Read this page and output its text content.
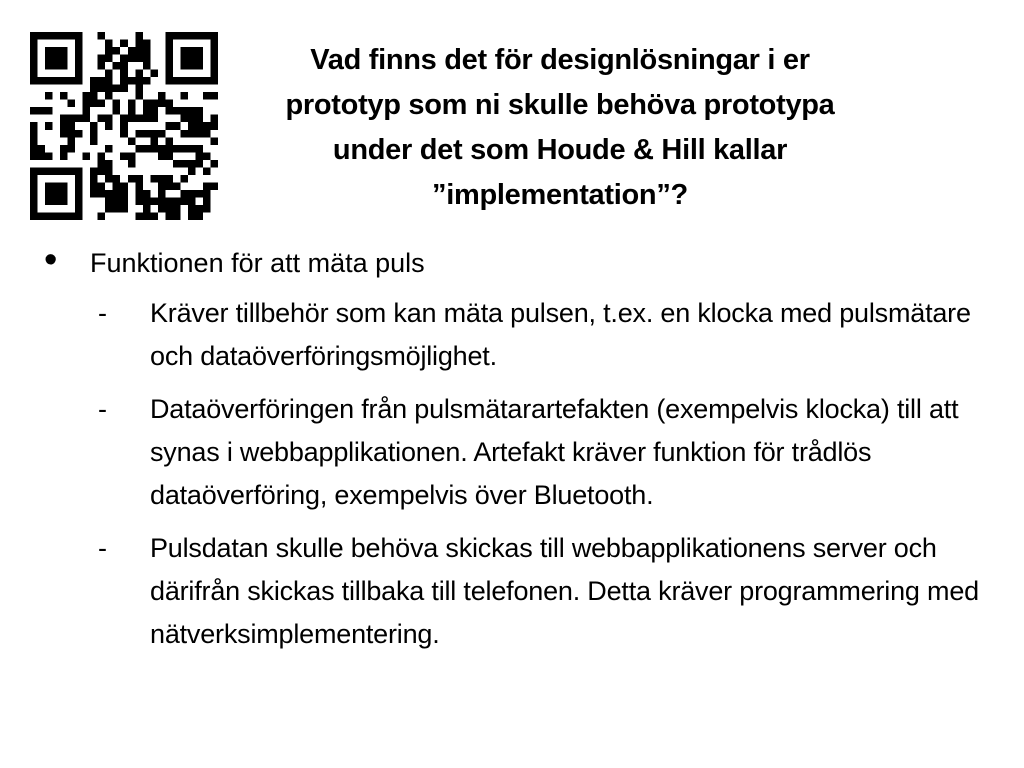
Vad finns det för designlösningar i er prototyp som ni skulle behöva prototypa under det som Houde & Hill kallar ”implementation”?
• Funktionen för att mäta puls
- Kräver tillbehör som kan mäta pulsen, t.ex. en klocka med pulsmätare och dataöverföringsmöjlighet.
- Dataöverföringen från pulsmätarartefakten (exempelvis klocka) till att synas i webbapplikationen. Artefakt kräver funktion för trådlös dataöverföring, exempelvis över Bluetooth.
- Pulsdatan skulle behöva skickas till webbapplikationens server och därifrån skickas tillbaka till telefonen. Detta kräver programmering med nätverksimplementering.
